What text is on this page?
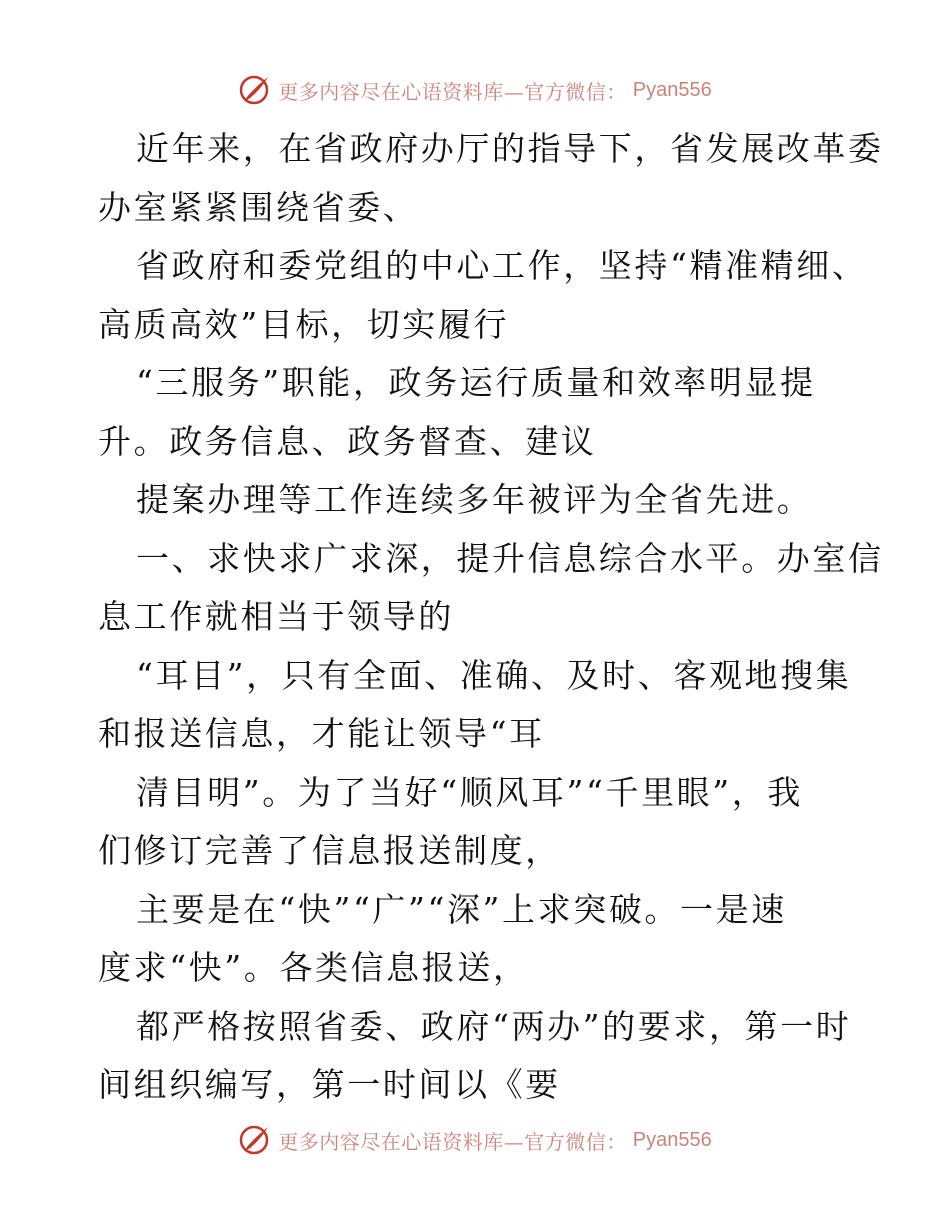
更多内容尽在心语资料库—官方微信： Pyan556
近年来，在省政府办厅的指导下，省发展改革委
办室紧紧围绕省委、
省政府和委党组的中心工作，坚持“精准精细、
高质高效”目标，切实履行
“三服务”职能，政务运行质量和效率明显提
升。政务信息、政务督查、建议
提案办理等工作连续多年被评为全省先进。
一、求快求广求深，提升信息综合水平。办室信
息工作就相当于领导的
“耳目”，只有全面、准确、及时、客观地搜集
和报送信息，才能让领导“耳
清目明”。为了当好“顺风耳”“千里眼”，我
们修订完善了信息报送制度，
主要是在“快”“广”“深”上求突破。一是速
度求“快”。各类信息报送，
都严格按照省委、政府“两办”的要求，第一时
间组织编写，第一时间以《要
更多内容尽在心语资料库—官方微信： Pyan556
